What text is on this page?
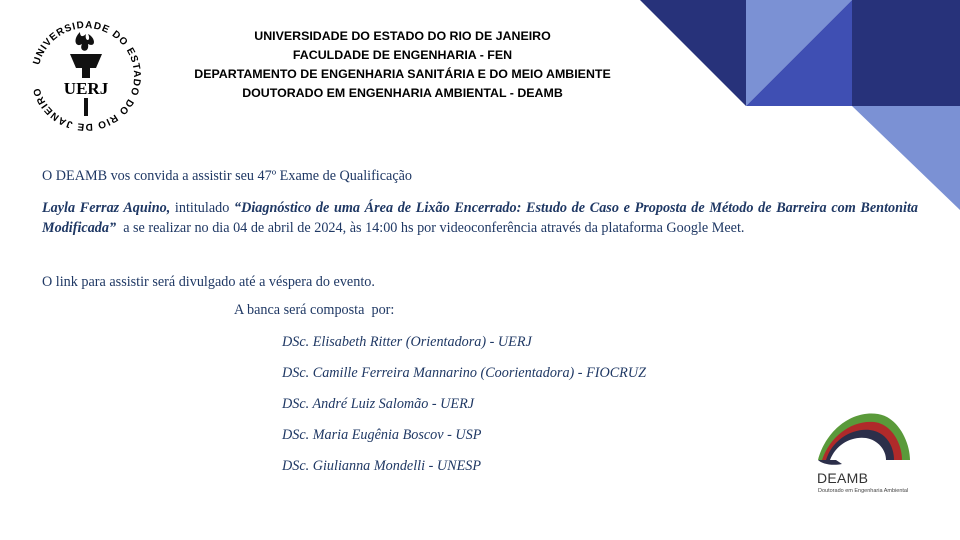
UNIVERSIDADE DO ESTADO DO RIO DE JANEIRO	UERJ
UNIVERSIDADE DO ESTADO DO RIO DE JANEIRO
FACULDADE DE ENGENHARIA - FEN
DEPARTAMENTO DE ENGENHARIA SANITÁRIA E DO MEIO AMBIENTE
DOUTORADO EM ENGENHARIA AMBIENTAL - DEAMB
O DEAMB vos convida a assistir seu 47º Exame de Qualificação
Layla Ferraz Aquino, intitulado “Diagnóstico de uma Área de Lixão Encerrado: Estudo de Caso e Proposta de Método de Barreira com Bentonita Modificada”  a se realizar no dia 04 de abril de 2024, às 14:00 hs por videoconferência através da plataforma Google Meet.
O link para assistir será divulgado até a véspera do evento.
A banca será composta  por:
DSc. Elisabeth Ritter (Orientadora) - UERJ
DSc. Camille Ferreira Mannarino (Coorientadora) - FIOCRUZ
DSc. André Luiz Salomão - UERJ
DSc. Maria Eugênia Boscov - USP
DSc. Giulianna Mondelli - UNESP
DEAMB
Doutorado em Engenharia Ambiental
